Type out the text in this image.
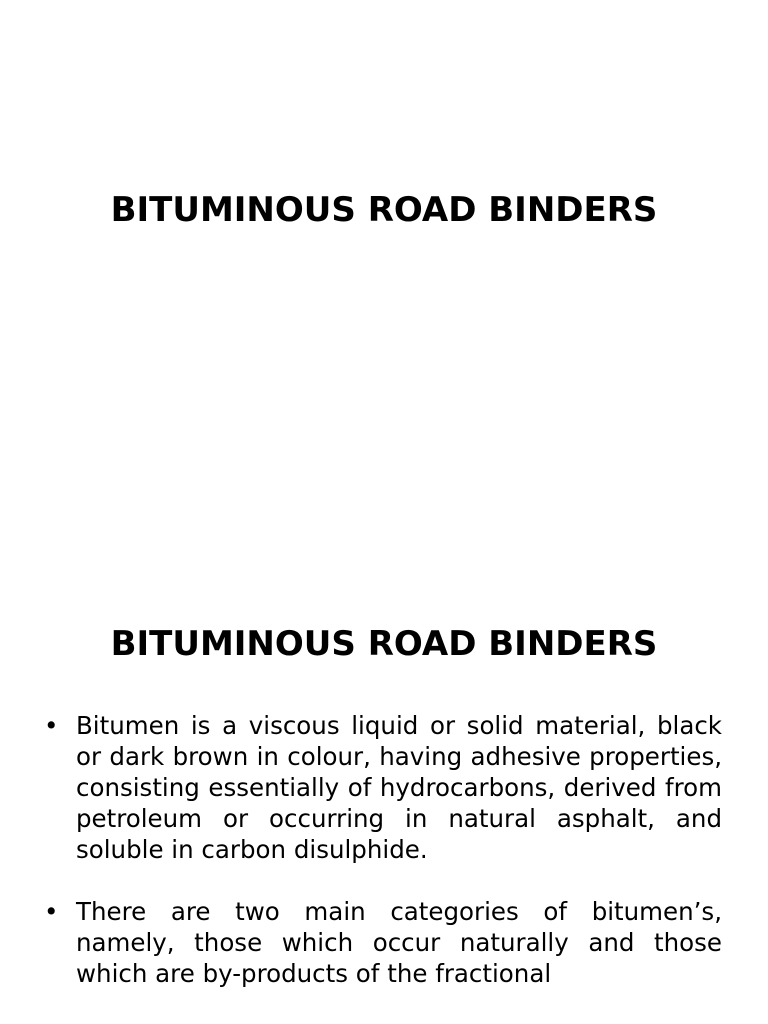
BITUMINOUS ROAD BINDERS
BITUMINOUS ROAD BINDERS
• Bitumen is a viscous liquid or solid material, black or dark brown in colour, having adhesive properties, consisting essentially of hydrocarbons, derived from petroleum or occurring in natural asphalt, and soluble in carbon disulphide.
• There are two main categories of bitumen’s, namely, those which occur naturally and those which are by-products of the fractional
